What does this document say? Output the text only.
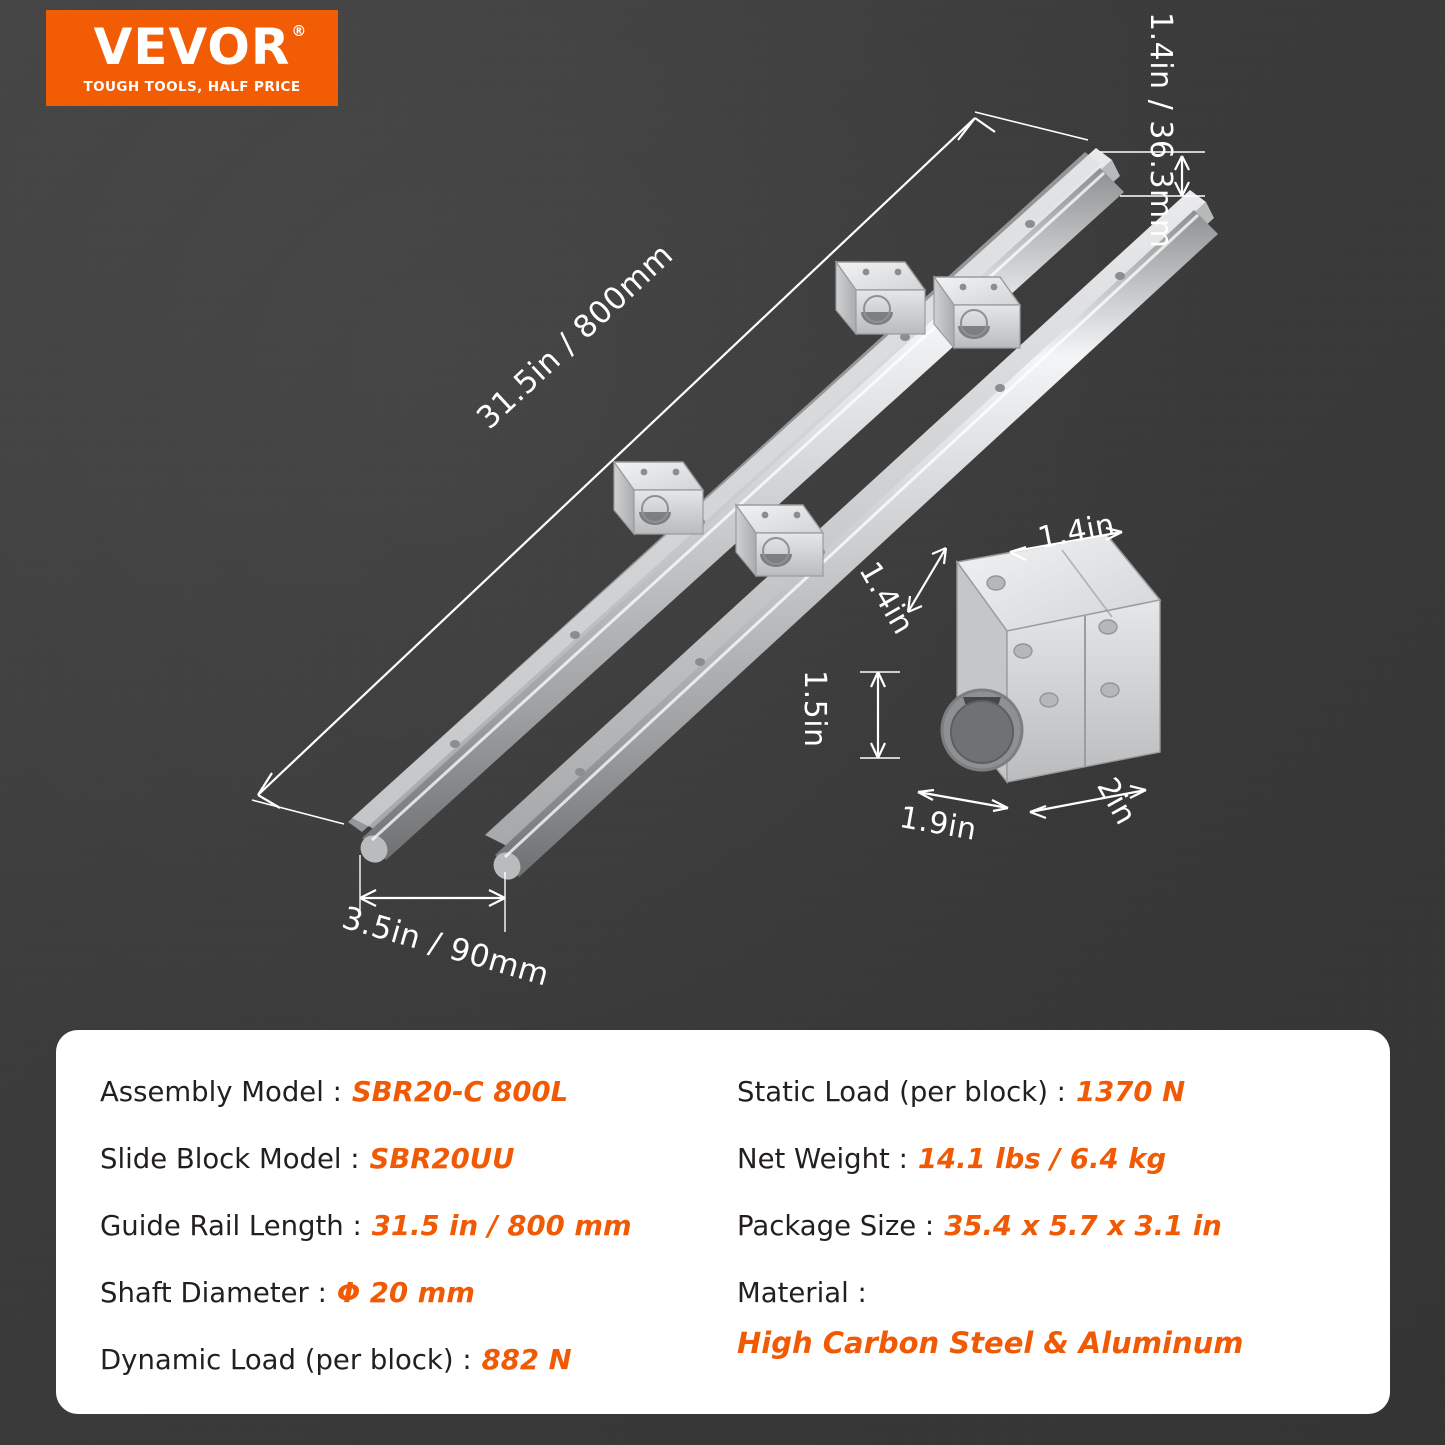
VEVOR ®
TOUGH TOOLS, HALF PRICE
31.5in / 800mm
1.4in / 36.3mm
3.5in / 90mm
1.4in
1.4in
1.5in
1.9in	2in
Assembly Model : SBR20-C 800L
Slide Block Model : SBR20UU
Guide Rail Length : 31.5 in / 800 mm
Shaft Diameter : Φ 20 mm
Dynamic Load (per block) : 882 N
Static Load (per block) : 1370 N
Net Weight : 14.1 lbs / 6.4 kg
Package Size : 35.4 x 5.7 x 3.1 in
Material :
High Carbon Steel & Aluminum
